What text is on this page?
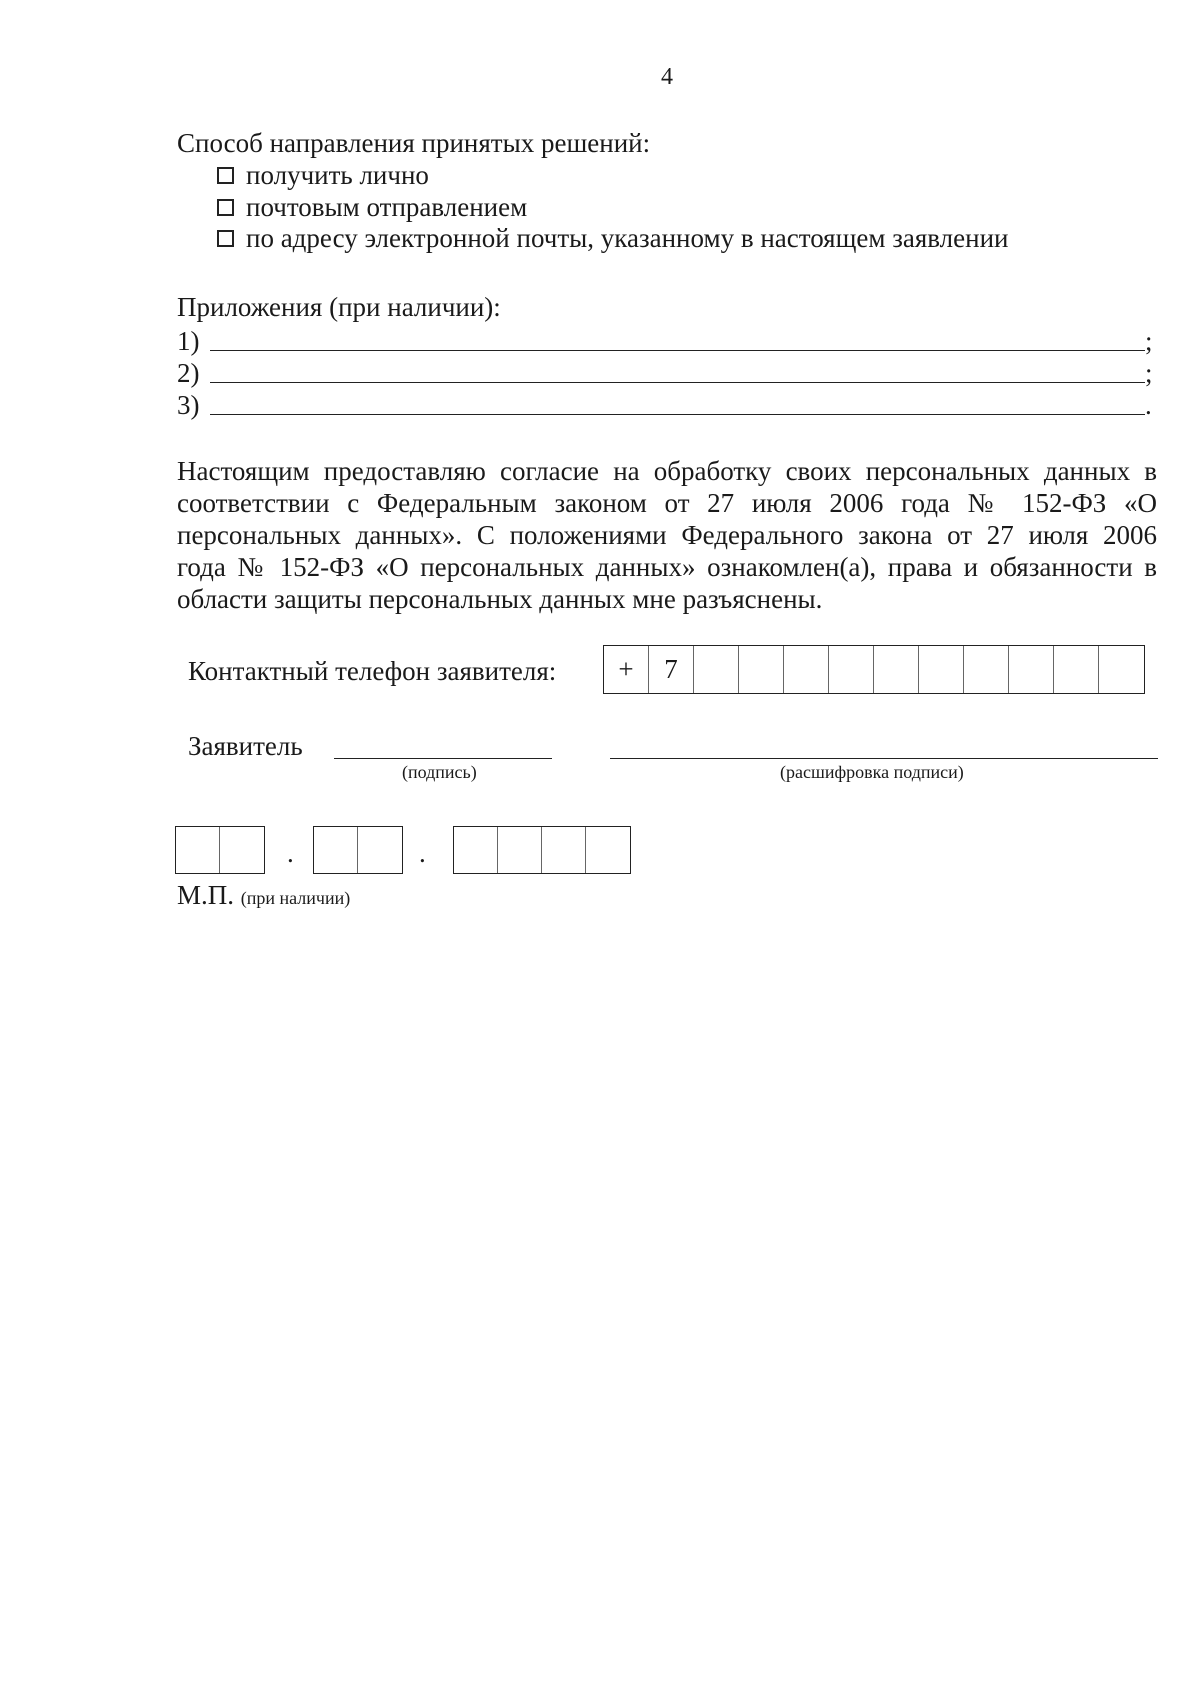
4
Способ направления принятых решений:
получить лично
почтовым отправлением
по адресу электронной почты, указанному в настоящем заявлении
Приложения (при наличии):
1)	;
2)	;
3)	.
Настоящим предоставляю согласие на обработку своих персональных данных в
соответствии с Федеральным законом от 27 июля 2006 года № 152-ФЗ «О
персональных данных». С положениями Федерального закона от 27 июля 2006
года № 152-ФЗ «О персональных данных» ознакомлен(а), права и обязанности в
области защиты персональных данных мне разъяснены.
Контактный телефон заявителя:	+	7
Заявитель
(подпись)	(расшифровка подписи)
.	.
М.П. (при наличии)
